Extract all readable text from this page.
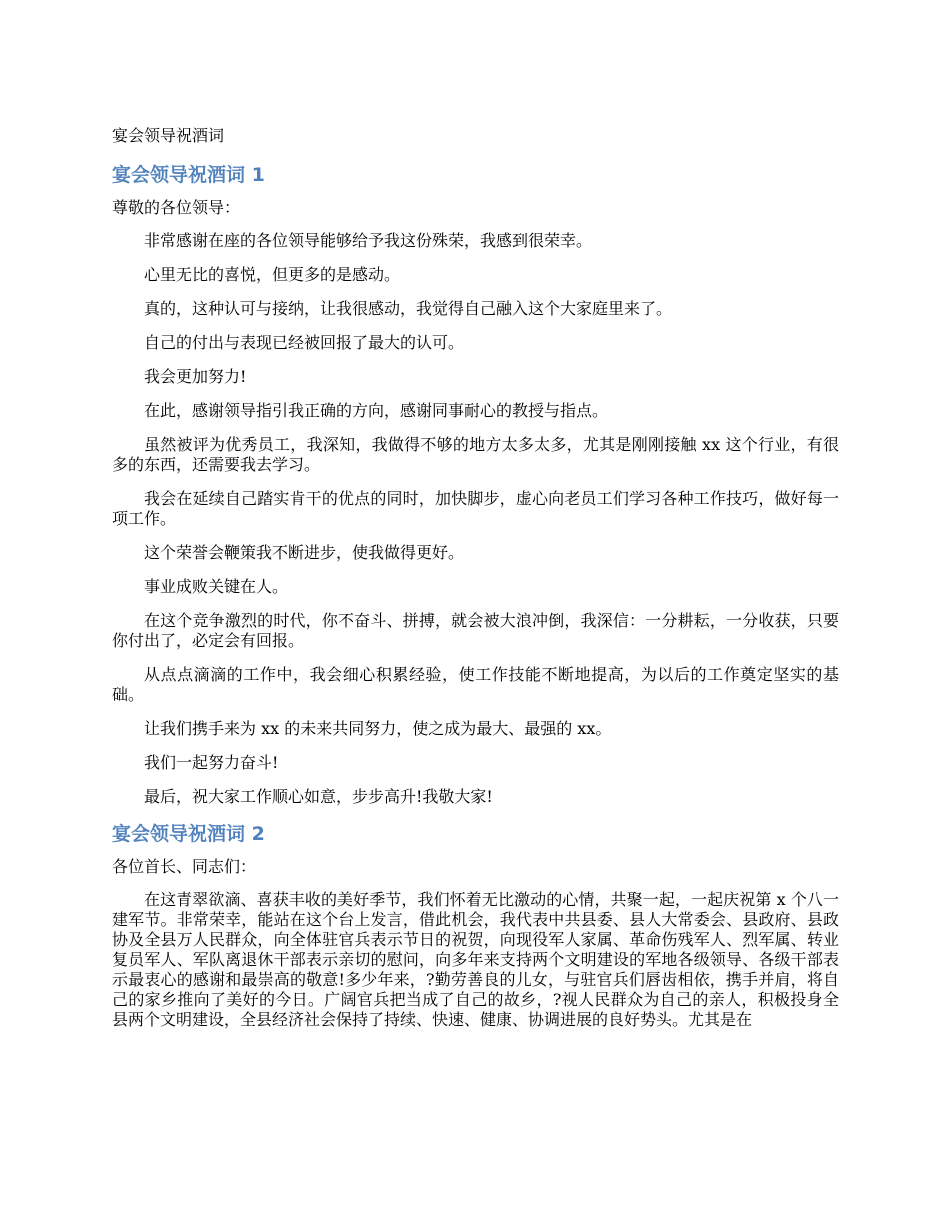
宴会领导祝酒词
宴会领导祝酒词 1
尊敬的各位领导：

非常感谢在座的各位领导能够给予我这份殊荣，我感到很荣幸。

心里无比的喜悦，但更多的是感动。

真的，这种认可与接纳，让我很感动，我觉得自己融入这个大家庭里来了。

自己的付出与表现已经被回报了最大的认可。

我会更加努力!

在此，感谢领导指引我正确的方向，感谢同事耐心的教授与指点。

虽然被评为优秀员工，我深知，我做得不够的地方太多太多，尤其是刚刚接触 xx 这个行业，有很多的东西，还需要我去学习。

我会在延续自己踏实肯干的优点的同时，加快脚步，虚心向老员工们学习各种工作技巧，做好每一项工作。

这个荣誉会鞭策我不断进步，使我做得更好。

事业成败关键在人。

在这个竞争激烈的时代，你不奋斗、拼搏，就会被大浪冲倒，我深信：一分耕耘，一分收获，只要你付出了，必定会有回报。

从点点滴滴的工作中，我会细心积累经验，使工作技能不断地提高，为以后的工作奠定坚实的基础。

让我们携手来为 xx 的未来共同努力，使之成为最大、最强的 xx。

我们一起努力奋斗!

最后，祝大家工作顺心如意，步步高升!我敬大家!

宴会领导祝酒词 2
各位首长、同志们：

在这青翠欲滴、喜获丰收的美好季节，我们怀着无比激动的心情，共聚一起，一起庆祝第 x 个八一建军节。非常荣幸，能站在这个台上发言，借此机会，我代表中共县委、县人大常委会、县政府、县政协及全县万人民群众，向全体驻官兵表示节日的祝贺，向现役军人家属、革命伤残军人、烈军属、转业复员军人、军队离退休干部表示亲切的慰问，向多年来支持两个文明建设的军地各级领导、各级干部表示最衷心的感谢和最崇高的敬意!多少年来，?勤劳善良的儿女，与驻官兵们唇齿相依，携手并肩，将自己的家乡推向了美好的今日。广阔官兵把当成了自己的故乡，?视人民群众为自己的亲人，积极投身全县两个文明建设，全县经济社会保持了持续、快速、健康、协调进展的良好势头。尤其是在
